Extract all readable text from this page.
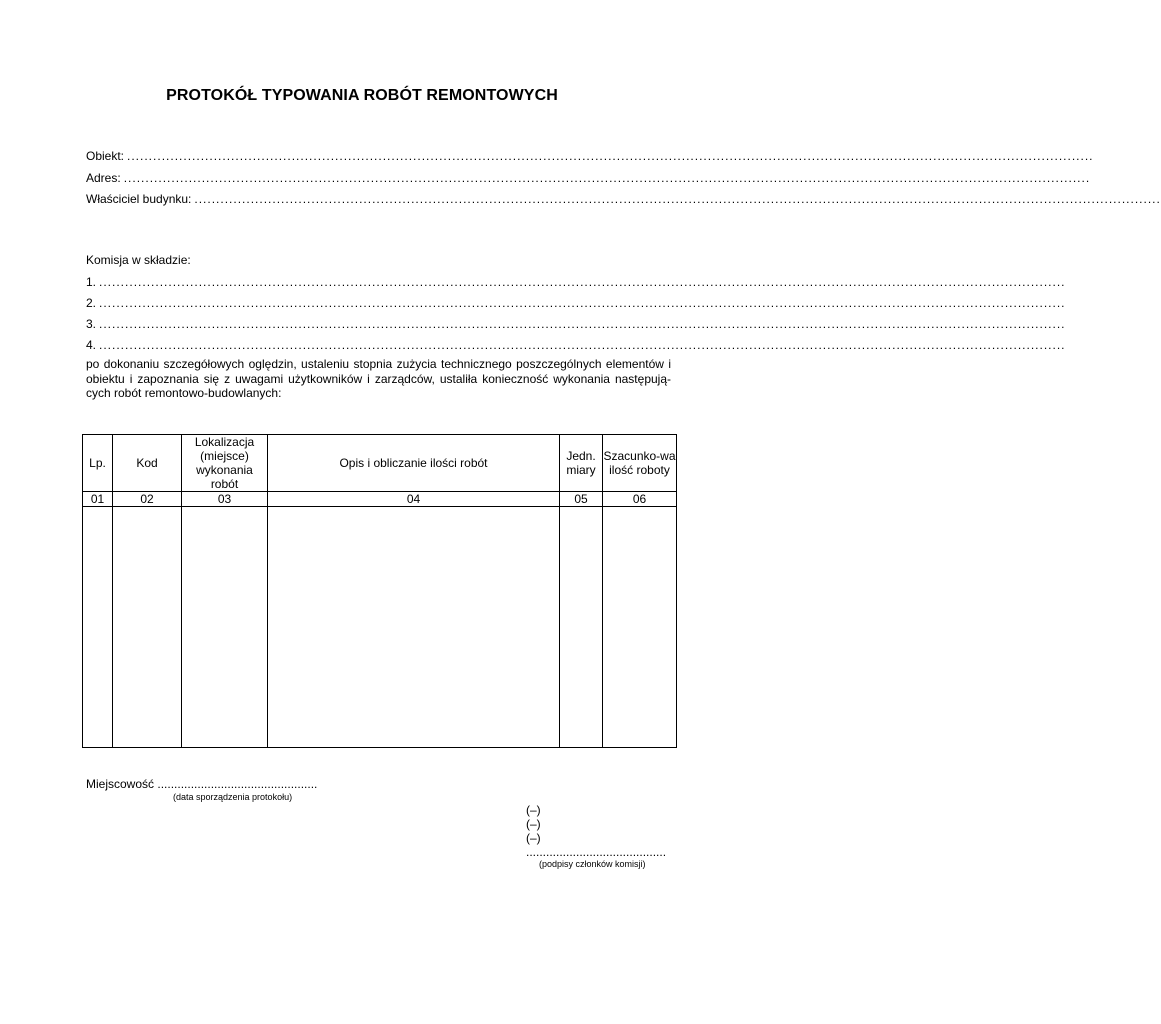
PROTOKÓŁ TYPOWANIA ROBÓT REMONTOWYCH
Obiekt: ...............................................................................................................................................................................................................................
Adres: ...............................................................................................................................................................................................................................
Właściciel budynku: ...............................................................................................................................................................................................................................
Komisja w składzie:
1. ...............................................................................................................................................................................................................................
2. ...............................................................................................................................................................................................................................
3. ...............................................................................................................................................................................................................................
4. ...............................................................................................................................................................................................................................
po dokonaniu szczegółowych oględzin, ustaleniu stopnia zużycia technicznego poszczególnych elementów i obiektu i zapoznania się z uwagami użytkowników i zarządców, ustaliła konieczność wykonania następują-cych robót remontowo-budowlanych:
Lp.	Kod	Lokalizacja (miejsce) wykonania robót	Opis i obliczanie ilości robót	Jedn. miary	Szacunko-wa ilość roboty
01	02	03	04	05	06

Miejscowość ................................................
(data sporządzenia protokołu)
(–)
(–)
(–)
..........................................
(podpisy członków komisji)
